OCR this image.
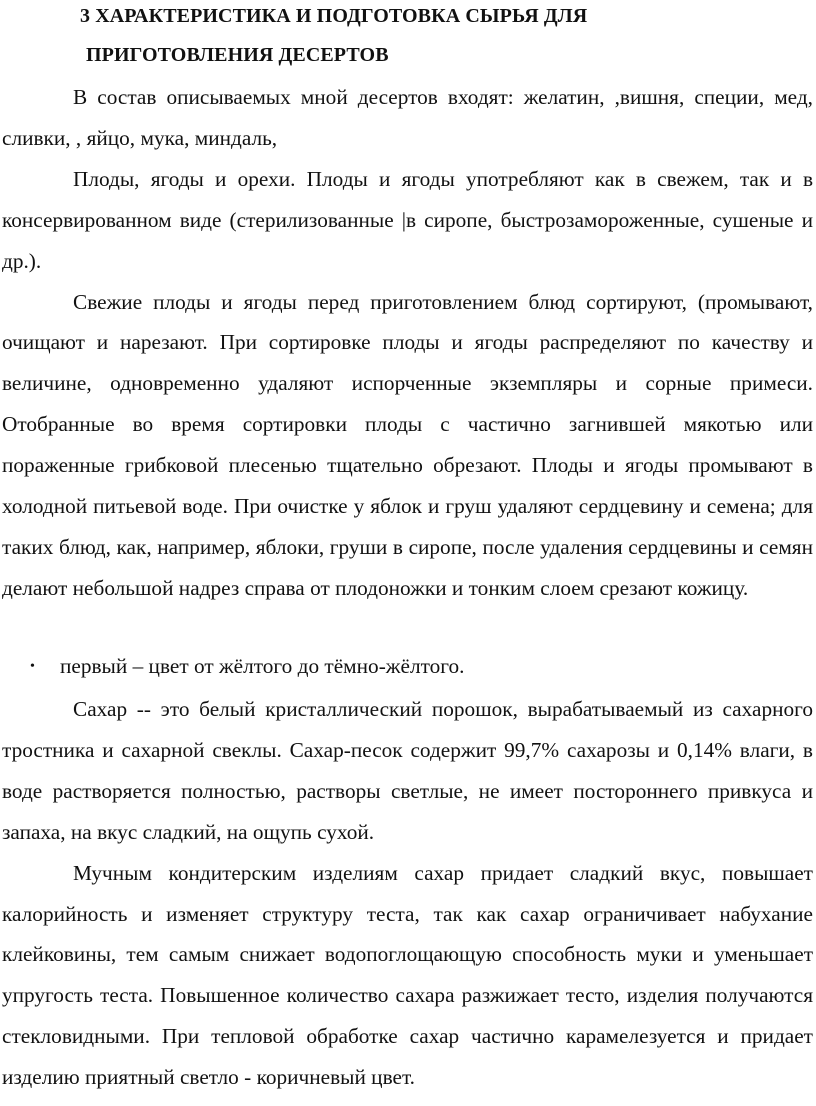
3 ХАРАКТЕРИСТИКА И ПОДГОТОВКА СЫРЬЯ ДЛЯ
ПРИГОТОВЛЕНИЯ ДЕСЕРТОВ

В состав описываемых мной десертов входят: желатин, ,вишня, специи, мед, сливки, , яйцо, мука, миндаль,

Плоды, ягоды и орехи. Плоды и ягоды употребляют как в свежем, так и в консервированном виде (стерилизованные |в сиропе, быстрозамороженные, сушеные и др.).

Свежие плоды и ягоды перед приготовлением блюд сортируют, (промывают, очищают и нарезают. При сортировке плоды и ягоды распределяют по качеству и величине, одновременно удаляют испорченные экземпляры и сорные примеси. Отобранные во время сортировки плоды с частично загнившей мякотью или пораженные грибковой плесенью тщательно обрезают. Плоды и ягоды промывают в холодной питьевой воде. При очистке у яблок и груш удаляют сердцевину и семена; для таких блюд, как, например, яблоки, груши в сиропе, после удаления сердцевины и семян делают небольшой надрез справа от плодоножки и тонким слоем срезают кожицу.

• первый – цвет от жёлтого до тёмно-жёлтого.

Сахар -- это белый кристаллический порошок, вырабатываемый из сахарного тростника и сахарной свеклы. Сахар-песок содержит 99,7% сахарозы и 0,14% влаги, в воде растворяется полностью, растворы светлые, не имеет постороннего привкуса и запаха, на вкус сладкий, на ощупь сухой.

Мучным кондитерским изделиям сахар придает сладкий вкус, повышает калорийность и изменяет структуру теста, так как сахар ограничивает набухание клейковины, тем самым снижает водопоглощающую способность муки и уменьшает упругость теста. Повышенное количество сахара разжижает тесто, изделия получаются стекловидными. При тепловой обработке сахар частично карамелезуется и придает изделию приятный светло - коричневый цвет.
